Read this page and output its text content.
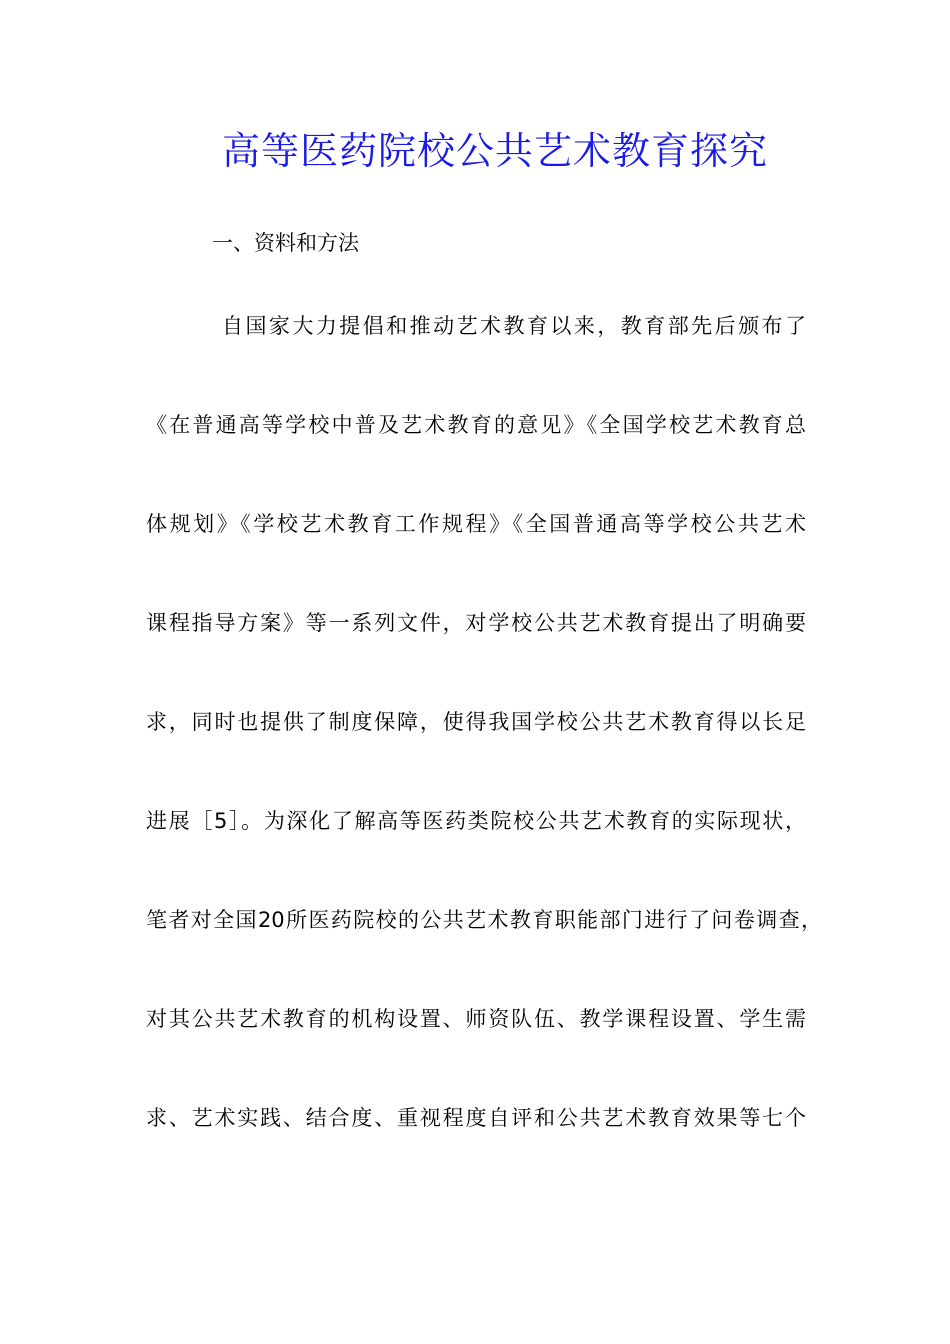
高等医药院校公共艺术教育探究
一、资料和方法
自国家大力提倡和推动艺术教育以来，教育部先后颁布了
《在普通高等学校中普及艺术教育的意见》《全国学校艺术教育总
体规划》《学校艺术教育工作规程》《全国普通高等学校公共艺术
课程指导方案》等一系列文件，对学校公共艺术教育提出了明确要
求，同时也提供了制度保障，使得我国学校公共艺术教育得以长足
进展［5］。为深化了解高等医药类院校公共艺术教育的实际现状，
笔者对全国20所医药院校的公共艺术教育职能部门进行了问卷调查，
对其公共艺术教育的机构设置、师资队伍、教学课程设置、学生需
求、艺术实践、结合度、重视程度自评和公共艺术教育效果等七个
